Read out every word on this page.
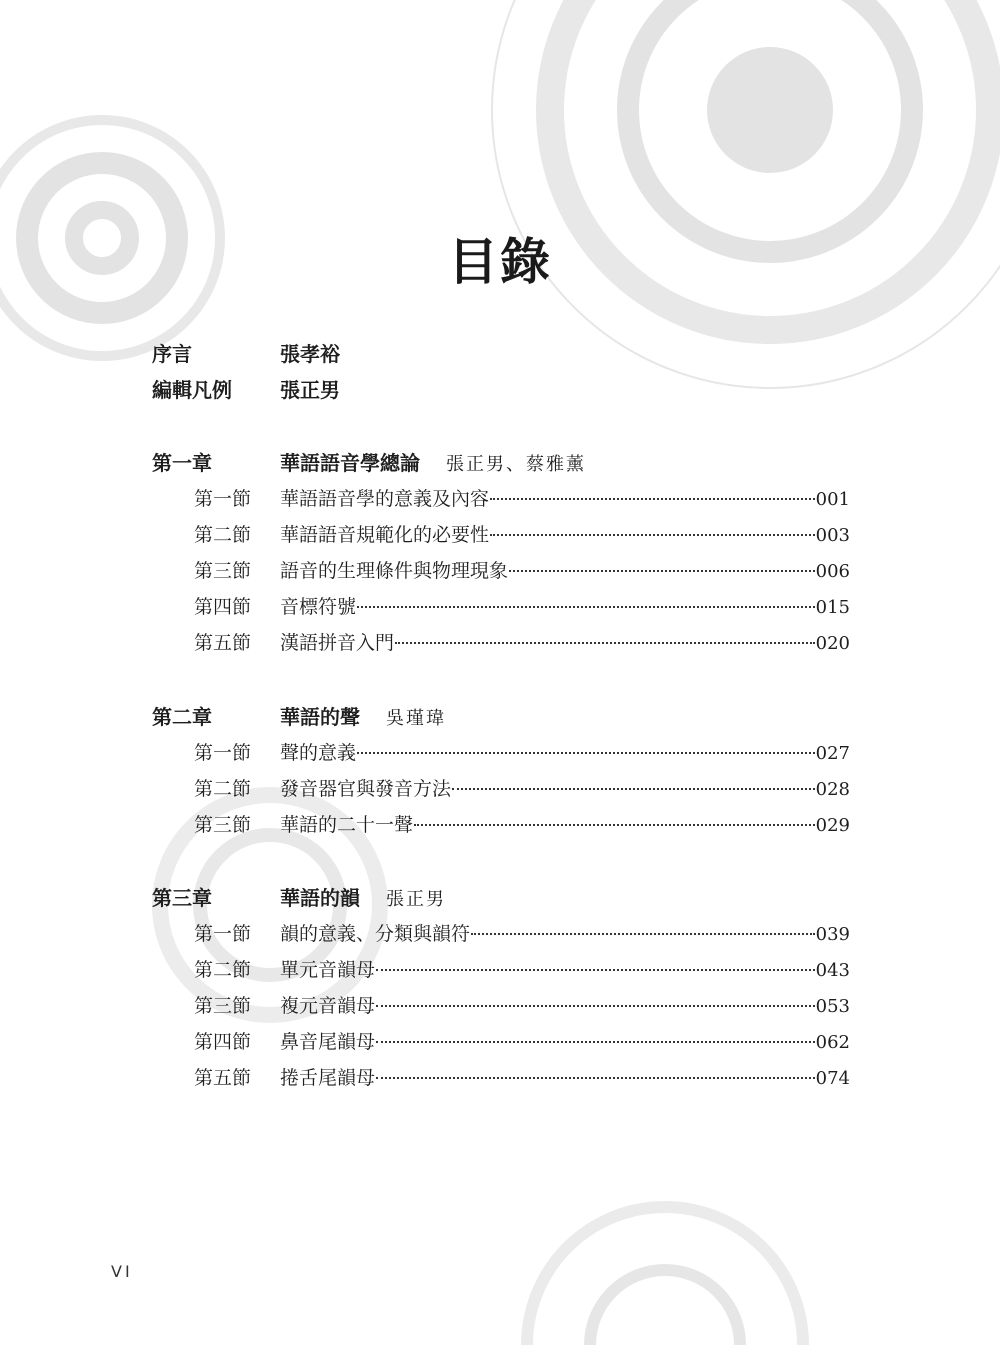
目錄
序言	張孝裕
編輯凡例 張正男
第一章	華語語音學總論 張正男、蔡雅薰
第一節 華語語音學的意義及內容	001
第二節 華語語音規範化的必要性	003
第三節 語音的生理條件與物理現象	006
第四節 音標符號	015
第五節 漢語拼音入門	020
第二章	華語的聲 吳瑾瑋
第一節 聲的意義	027
第二節 發音器官與發音方法	028
第三節 華語的二十一聲	029
第三章	華語的韻 張正男
第一節 韻的意義、分類與韻符	039
第二節 單元音韻母	043
第三節 複元音韻母	053
第四節 鼻音尾韻母	062
第五節 捲舌尾韻母	074
VI
